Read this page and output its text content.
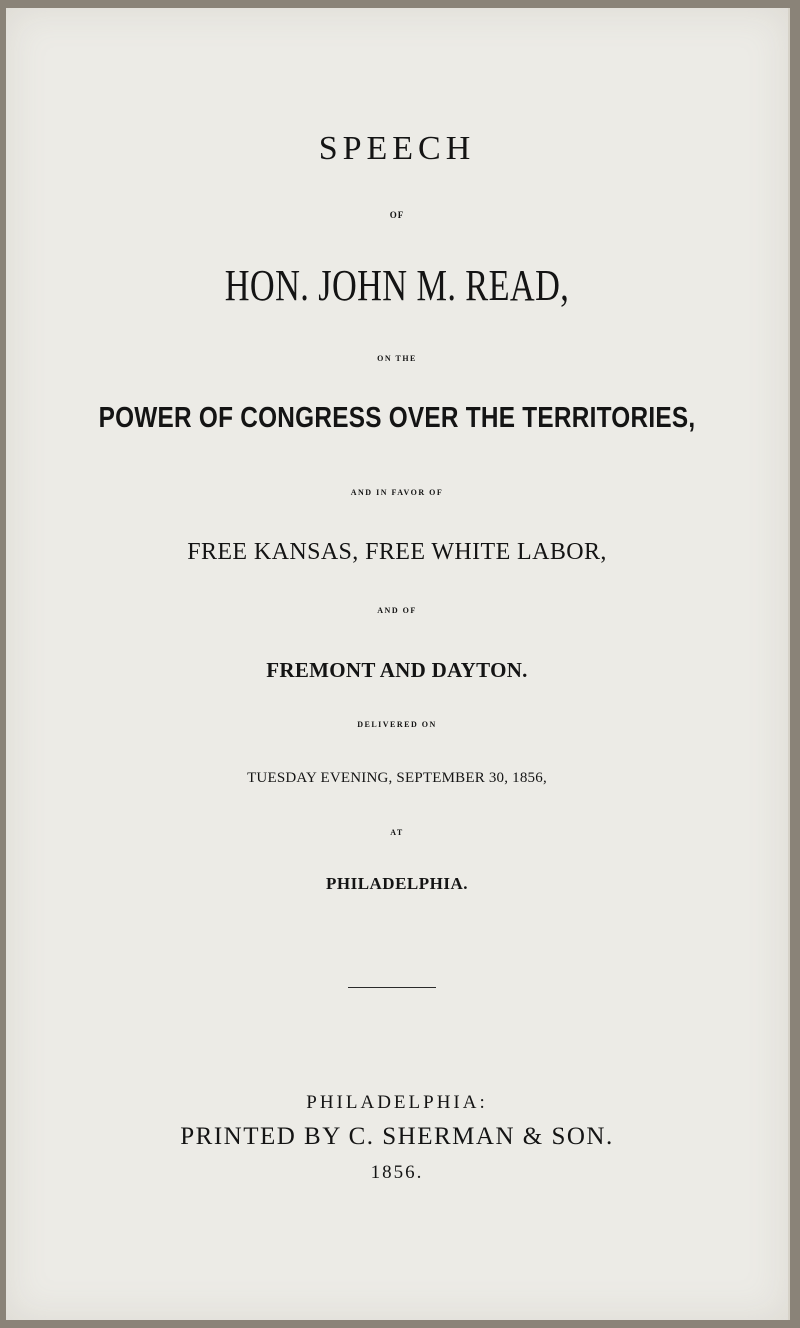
SPEECH
OF
HON. JOHN M. READ,
ON THE
POWER OF CONGRESS OVER THE TERRITORIES,
AND IN FAVOR OF
FREE KANSAS, FREE WHITE LABOR,
AND OF
FREMONT AND DAYTON.
DELIVERED ON
TUESDAY EVENING, SEPTEMBER 30, 1856,
AT
PHILADELPHIA.
PHILADELPHIA:
PRINTED BY C. SHERMAN & SON.
1856.
